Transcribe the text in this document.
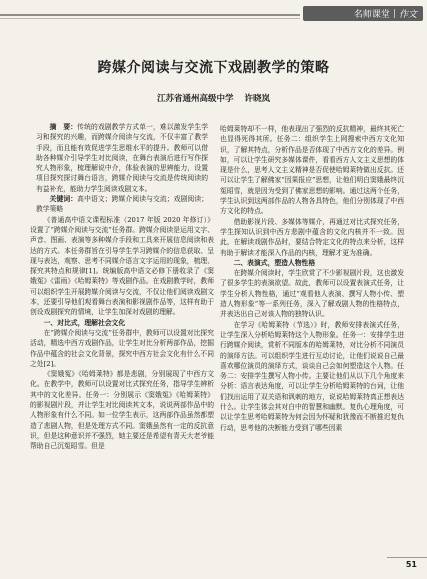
名师课堂 | 作文
跨媒介阅读与交流下戏剧教学的策略
江苏省通州高级中学 许晓岚

摘　要：传统的戏剧教学方式单一，难以激发学生学习和探究的兴趣，而跨媒介阅读与交流，不仅丰富了教学手段，而且能有效促进学生思维水平的提升。教师可以借助各种媒介引导学生对比阅读，在舞台表演后进行写作探究人物形象，梳理解说中介，体验表演的思辨能力，设置项目探究探讨舞台语言，跨媒介阅读与交流是传统阅读的有益补充，能助力学生阅读戏剧文本。

关键词：高中语文；跨媒介阅读与交流；戏剧阅读；教学策略

《普通高中语文课程标准（2017 年版 2020 年修订）》设置了“跨媒介阅读与交流”任务群。跨媒介阅读是运用文字、声音、图画、表演等多种媒介手段和工具来开展信息阅读和表达的方式。本任务群旨在引导学生学习跨媒介的信息获取、呈现与表达，观察、思考不同媒介语言文字运用的现象，梳理、探究其特点和规律[1]。统编版高中语文必修下册收录了《窦娥冤》《雷雨》《哈姆莱特》等戏剧作品。在戏剧教学时，教师可以组织学生开展跨媒介阅读与交流，不仅让他们阅读戏剧文本，还要引导他们观看舞台表演和影视剧作品等，这样有助于创设戏剧探究的情境，让学生加深对戏剧的理解。

一、对比式，理解社会文化

在“跨媒介阅读与交流”任务群中，教师可以设置对比探究活动，精选中西方戏剧作品，让学生对比分析两部作品，挖掘作品中蕴含的社会文化背景，探究中西方社会文化有什么不同之处[2]。

《窦娥冤》《哈姆莱特》都是悲剧，分别展现了中西方文化。在教学中，教师可以设置对比式探究任务，指导学生辨析其中的文化差异。任务一：分别展示《窦娥冤》《哈姆莱特》的影视剧片段，并让学生对比阅读其文本，说说两部作品中的人物形象有什么不同。如一位学生表示，这两部作品虽然都塑造了悲剧人物，但是处理方式不同。窦娥虽然有一定的反抗意识，但是这种意识并不强烈，她主要还是希望有青天大老爷能帮助自己沉冤昭雪。但是

哈姆莱特却不一样，他表现出了强烈的反抗精神，最终其死亡也显得死得其所。任务二：组织学生上网搜索中西方文化知识，了解其特点，分析作品是否体现了中西方文化的差异。例如，可以让学生研究多媒体课件，看看西方人文主义思想的体现是什么，思考人文主义精神是否促使哈姆莱特做出反抗。还可以让学生了解佛家“因果报应”思想，让他们明白窦娥最终沉冤昭雪，就是因为受到了佛家思想的影响。通过这两个任务，学生认识到这两部作品的人物各具特色，他们分别体现了中西方文化的特点。

借助影视片段、多媒体等媒介，再通过对比式探究任务，学生探知认识到中西方悲剧中蕴含的文化内核并不一致。因此，在解读戏剧作品时，要结合特定文化的特点来分析，这样有助于解读才能深入作品的内核，理解才更为准确。

二、表演式，塑造人物性格

在跨媒介阅读时，学生欣赏了不少影视剧片段，这也激发了很多学生的表演欲望。故此，教师可以设置表演式任务，让学生分析人物性格，通过“观看他人表演、撰写人物小传、塑造人物形象”等一系列任务，深入了解戏剧人物的性格特点，并表达出自己对该人物的独特认识。

在学习《哈姆莱特（节选）》时，教师安排表演式任务，让学生深入分析哈姆莱特这个人物形象。任务一：安排学生进行跨媒介阅读，赏析不同版本的哈姆莱特，对比分析不同演员的演绎方法。可以组织学生进行互动讨论，让他们说说自己最喜欢哪位演员的演绎方式，谈谈自己会如何塑造这个人物。任务二：安排学生撰写人物小传。主要让他们从以下几个角度来分析：语言表达角度，可以让学生分析哈姆莱特的台词，让他们找出运用了双关语和讽刺的地方，说说哈姆莱特真正想表达什么。让学生体会其对白中的智慧和幽默。复仇心理角度，可以让学生思考哈姆莱特为何会因为怀疑和犹豫而不断推迟复仇行动，思考他的决断能力受到了哪些因素

51
